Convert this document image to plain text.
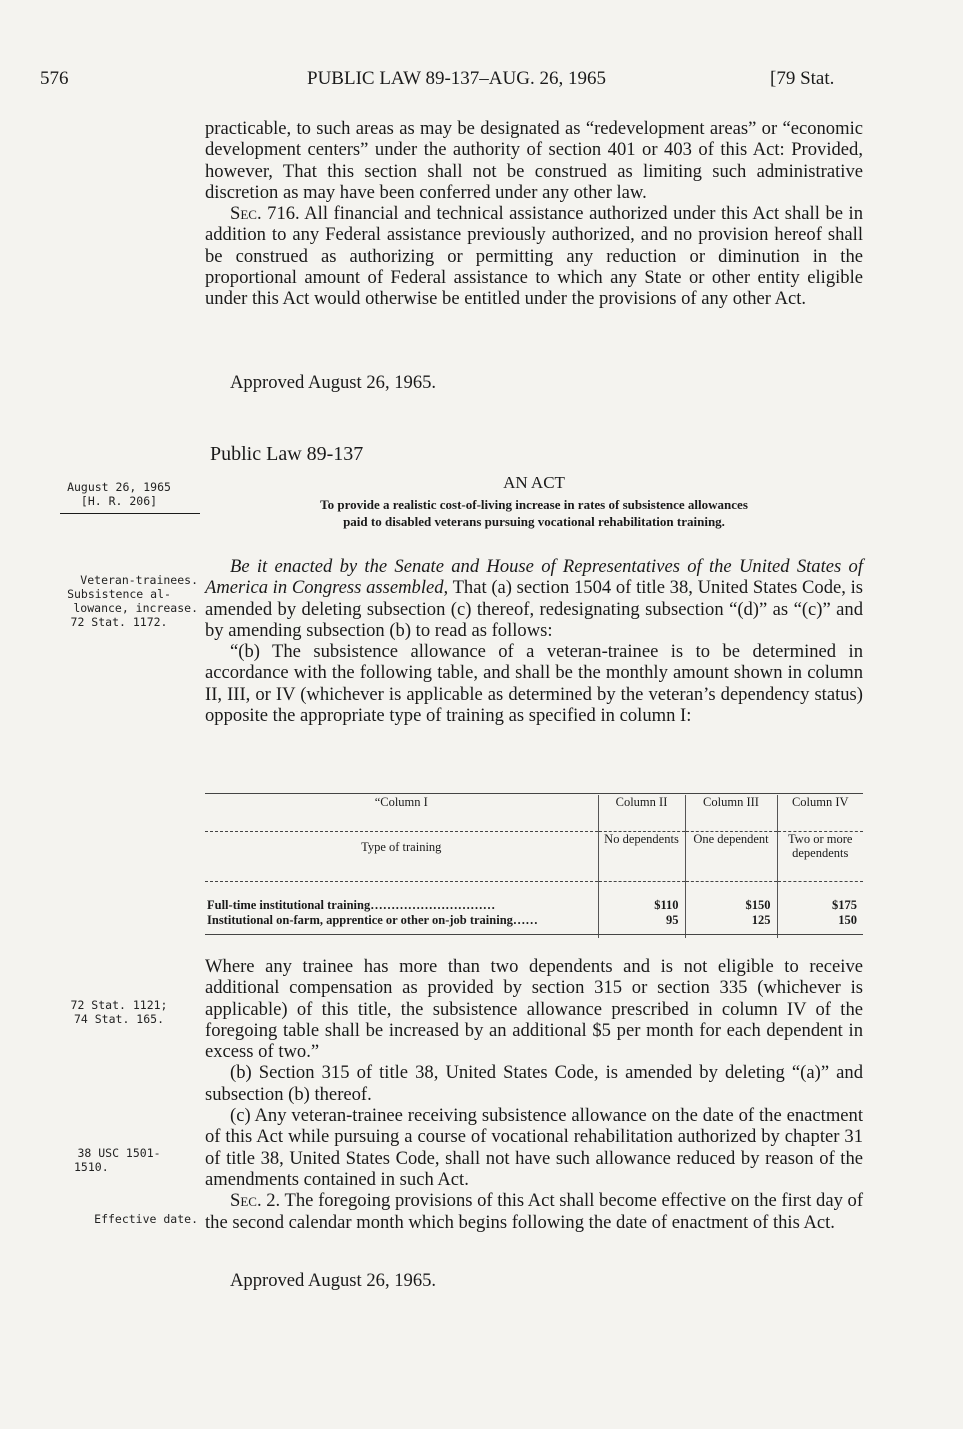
576	PUBLIC LAW 89-137–AUG. 26, 1965	[79 Stat.

practicable, to such areas as may be designated as “redevelopment areas” or “economic development centers” under the authority of section 401 or 403 of this Act: Provided, however, That this section shall not be construed as limiting such administrative discretion as may have been conferred under any other law.

Sec. 716. All financial and technical assistance authorized under this Act shall be in addition to any Federal assistance previously authorized, and no provision hereof shall be construed as authorizing or permitting any reduction or diminution in the proportional amount of Federal assistance to which any State or other entity eligible under this Act would otherwise be entitled under the provisions of any other Act.

Approved August 26, 1965.
Public Law 89-137
August 26, 1965
[H. R. 206]
AN ACT
To provide a realistic cost-of-living increase in rates of subsistence allowances
paid to disabled veterans pursuing vocational rehabilitation training.
Veteran-trainees.
Subsistence al-
lowance, increase.
72 Stat. 1172.
72 Stat. 1121;
74 Stat. 165.
38 USC 1501-
1510.
Effective date.

Be it enacted by the Senate and House of Representatives of the United States of America in Congress assembled, That (a) section 1504 of title 38, United States Code, is amended by deleting subsection (c) thereof, redesignating subsection “(d)” as “(c)” and by amending subsection (b) to read as follows:

“(b) The subsistence allowance of a veteran-trainee is to be determined in accordance with the following table, and shall be the monthly amount shown in column II, III, or IV (whichever is applicable as determined by the veteran’s dependency status) opposite the appropriate type of training as specified in column I:

“Column I	Column II	Column III	Column IV
Type of training	No dependents	One dependent	Two or more dependents
Full-time institutional training…………………………	$110	$150	$175
Institutional on-farm, apprentice or other on-job training……	95	125	150

Where any trainee has more than two dependents and is not eligible to receive additional compensation as provided by section 315 or section 335 (whichever is applicable) of this title, the subsistence allowance prescribed in column IV of the foregoing table shall be increased by an additional $5 per month for each dependent in excess of two.”

(b) Section 315 of title 38, United States Code, is amended by deleting “(a)” and subsection (b) thereof.

(c) Any veteran-trainee receiving subsistence allowance on the date of the enactment of this Act while pursuing a course of vocational rehabilitation authorized by chapter 31 of title 38, United States Code, shall not have such allowance reduced by reason of the amendments contained in such Act.

Sec. 2. The foregoing provisions of this Act shall become effective on the first day of the second calendar month which begins following the date of enactment of this Act.

Approved August 26, 1965.
